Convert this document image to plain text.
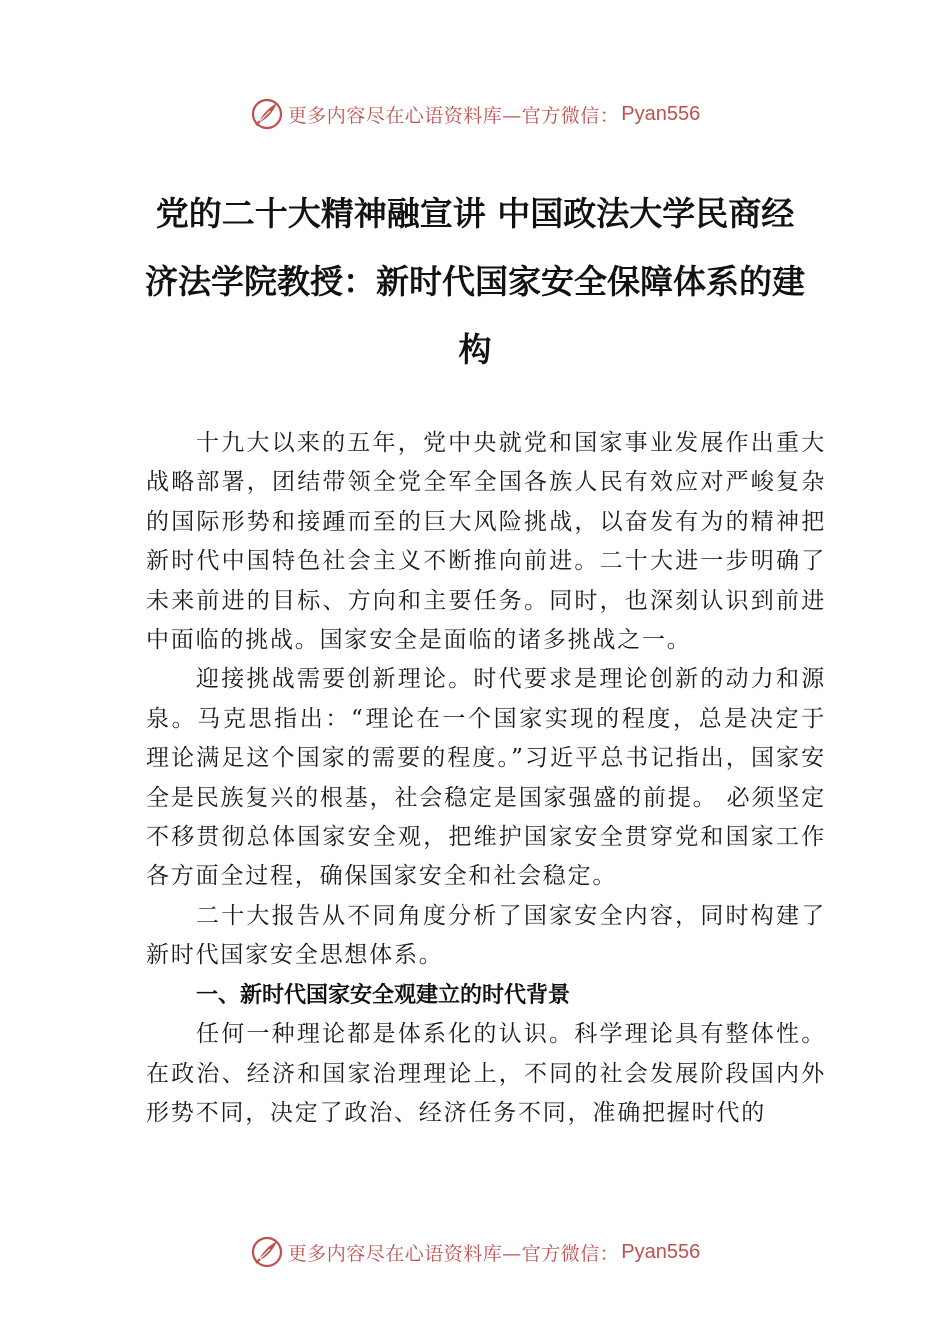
更多内容尽在心语资料库—官方微信： Pyan556
党的二十大精神融宣讲 中国政法大学民商经济法学院教授：新时代国家安全保障体系的建构

十九大以来的五年，党中央就党和国家事业发展作出重大战略部署，团结带领全党全军全国各族人民有效应对严峻复杂的国际形势和接踵而至的巨大风险挑战，以奋发有为的精神把新时代中国特色社会主义不断推向前进。二十大进一步明确了未来前进的目标、方向和主要任务。同时，也深刻认识到前进中面临的挑战。国家安全是面临的诸多挑战之一。

迎接挑战需要创新理论。时代要求是理论创新的动力和源泉。马克思指出：“理论在一个国家实现的程度，总是决定于理论满足这个国家的需要的程度。”习近平总书记指出，国家安全是民族复兴的根基，社会稳定是国家强盛的前提。 必须坚定不移贯彻总体国家安全观，把维护国家安全贯穿党和国家工作各方面全过程，确保国家安全和社会稳定。

二十大报告从不同角度分析了国家安全内容，同时构建了新时代国家安全思想体系。

一、新时代国家安全观建立的时代背景

任何一种理论都是体系化的认识。科学理论具有整体性。在政治、经济和国家治理理论上，不同的社会发展阶段国内外形势不同，决定了政治、经济任务不同，准确把握时代的

更多内容尽在心语资料库—官方微信： Pyan556
